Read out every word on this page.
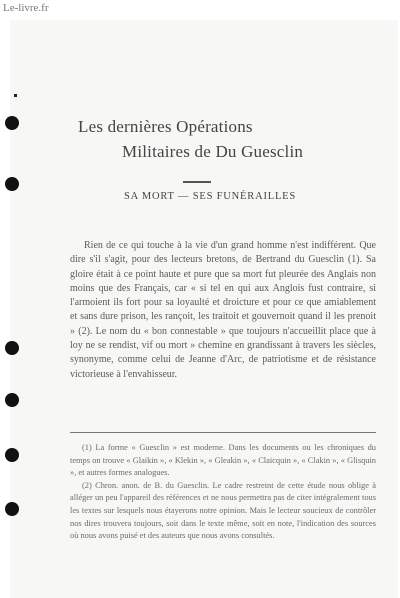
Le-livre.fr
Les dernières Opérations
Militaires de Du Guesclin
SA MORT — SES FUNÉRAILLES
Rien de ce qui touche à la vie d'un grand homme n'est indifférent. Que dire s'il s'agit, pour des lecteurs bretons, de Bertrand du Guesclin (1). Sa gloire était à ce point haute et pure que sa mort fut pleurée des Anglais non moins que des Français, car « si tel en qui aux Anglois fust contraire, si l'armoient ils fort pour sa loyaulté et droicture et pour ce que amiablement et sans dure prison, les rançoit, les traitoit et gouvernoit quand il les prenoit » (2). Le nom du « bon connestable » que toujours n'accueillit place que à loy ne se rendist, vif ou mort » chemine en grandissant à travers les siècles, synonyme, comme celui de Jeanne d'Arc, de patriotisme et de résistance victorieuse à l'envahisseur.

(1) La forme « Guesclin » est moderne. Dans les documents ou les chroniques du temps on trouve « Glaikin », « Klekin », « Gleakin », « Claicquin », « Clakin », « Glisquin », et autres formes analogues.

(2) Chron. anon. de B. du Guesclin. Le cadre restreint de cette étude nous oblige à alléger un peu l'appareil des références et ne nous permettra pas de citer intégralement tous les textes sur lesquels nous étayerons notre opinion. Mais le lecteur soucieux de contrôler nos dires trouvera toujours, soit dans le texte même, soit en note, l'indication des sources où nous avons puisé et des auteurs que nous avons consultés.
